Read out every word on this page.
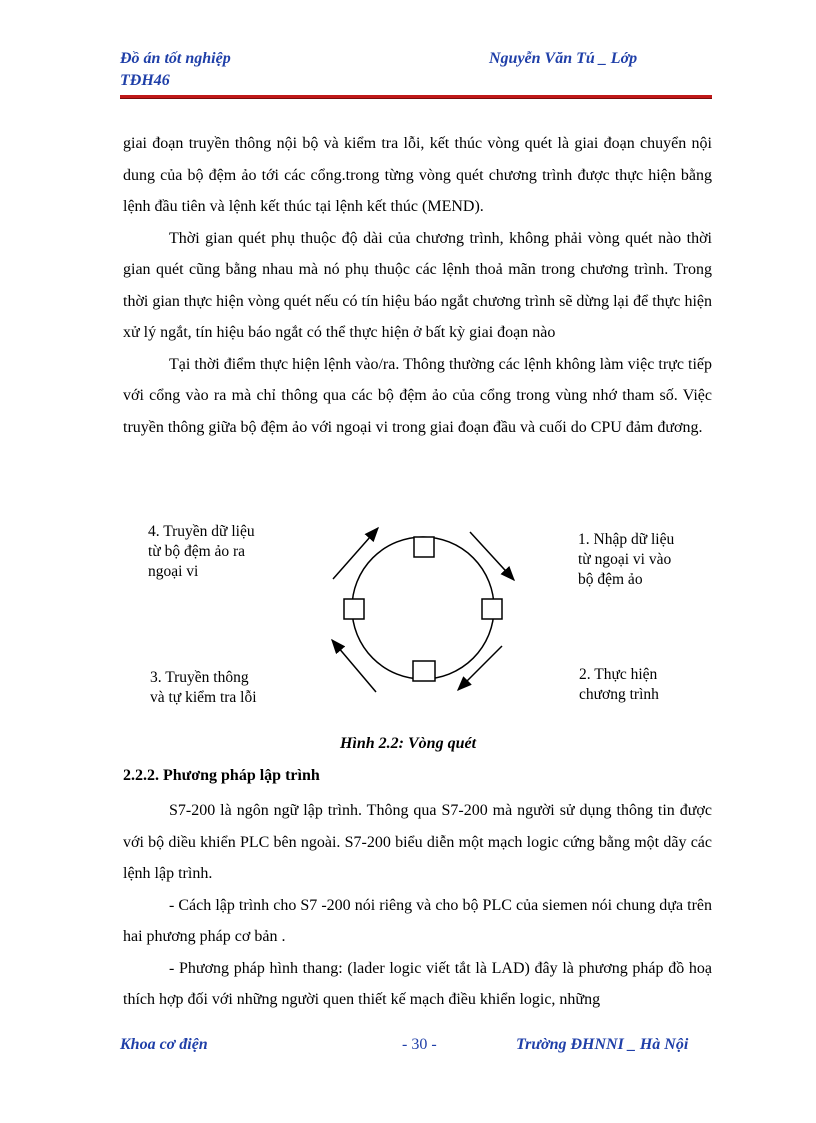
Đồ án tốt nghiệp
TĐH46
Nguyễn Văn Tú _ Lớp

giai đoạn truyền thông nội bộ và kiểm tra lỗi, kết thúc vòng quét là giai đoạn chuyển nội dung của bộ đệm ảo tới các cổng.trong từng vòng quét chương trình được thực hiện bằng lệnh đầu tiên và lệnh kết thúc tại lệnh kết thúc (MEND).

Thời gian quét phụ thuộc độ dài của chương trình, không phải vòng quét nào thời gian quét cũng bằng nhau mà nó phụ thuộc các lệnh thoả mãn trong chương trình. Trong thời gian thực hiện vòng quét nếu có tín hiệu báo ngắt chương trình sẽ dừng lại để thực hiện xử lý ngắt, tín hiệu báo ngắt có thể thực hiện ở bất kỳ giai đoạn nào

Tại thời điểm thực hiện lệnh vào/ra. Thông thường các lệnh không làm việc trực tiếp với cổng vào ra mà chỉ thông qua các bộ đệm ảo của cổng trong vùng nhớ tham số. Việc truyền thông giữa bộ đệm ảo với ngoại vi trong giai đoạn đầu và cuối do CPU đảm đương.

4. Truyền dữ liệu
từ bộ đệm ảo ra
ngoại vi
1. Nhập dữ liệu
từ ngoại vi vào
bộ đệm ảo
3. Truyền thông
và tự kiểm tra lỗi
2. Thực hiện
chương trình
Hình 2.2: Vòng quét
2.2.2. Phương pháp lập trình

S7-200 là ngôn ngữ lập trình. Thông qua S7-200 mà người sử dụng thông tin được với bộ diều khiển PLC bên ngoài. S7-200 biểu diễn một mạch logic cứng bằng một dãy các lệnh lập trình.

- Cách lập trình cho S7 -200 nói riêng và cho bộ PLC của siemen nói chung dựa trên hai phương pháp cơ bản .

- Phương pháp hình thang: (lader logic viết tắt là LAD) đây là phương pháp đồ hoạ thích hợp đối với những người quen thiết kế mạch điều khiển logic, những

Khoa cơ điện	- 30 -	Trường ĐHNNI _ Hà Nội
